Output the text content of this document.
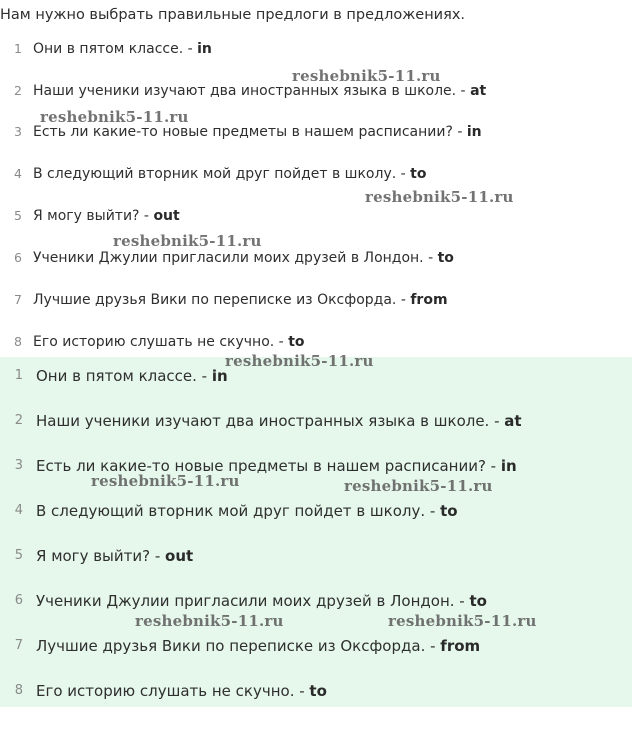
Нам нужно выбрать правильные предлоги в предложениях.
1 Они в пятом классе. - in
2 Наши ученики изучают два иностранных языка в школе. - at
3 Есть ли какие-то новые предметы в нашем расписании? - in
4 В следующий вторник мой друг пойдет в школу. - to
5 Я могу выйти? - out
6 Ученики Джулии пригласили моих друзей в Лондон. - to
7 Лучшие друзья Вики по переписке из Оксфорда. - from
8 Его историю слушать не скучно. - to
1 Они в пятом классе. - in
2 Наши ученики изучают два иностранных языка в школе. - at
3 Есть ли какие-то новые предметы в нашем расписании? - in
4 В следующий вторник мой друг пойдет в школу. - to
5 Я могу выйти? - out
6 Ученики Джулии пригласили моих друзей в Лондон. - to
7 Лучшие друзья Вики по переписке из Оксфорда. - from
8 Его историю слушать не скучно. - to
reshebnik5-11.ru
reshebnik5-11.ru
reshebnik5-11.ru
reshebnik5-11.ru
reshebnik5-11.ru
reshebnik5-11.ru	reshebnik5-11.ru
reshebnik5-11.ru	reshebnik5-11.ru
